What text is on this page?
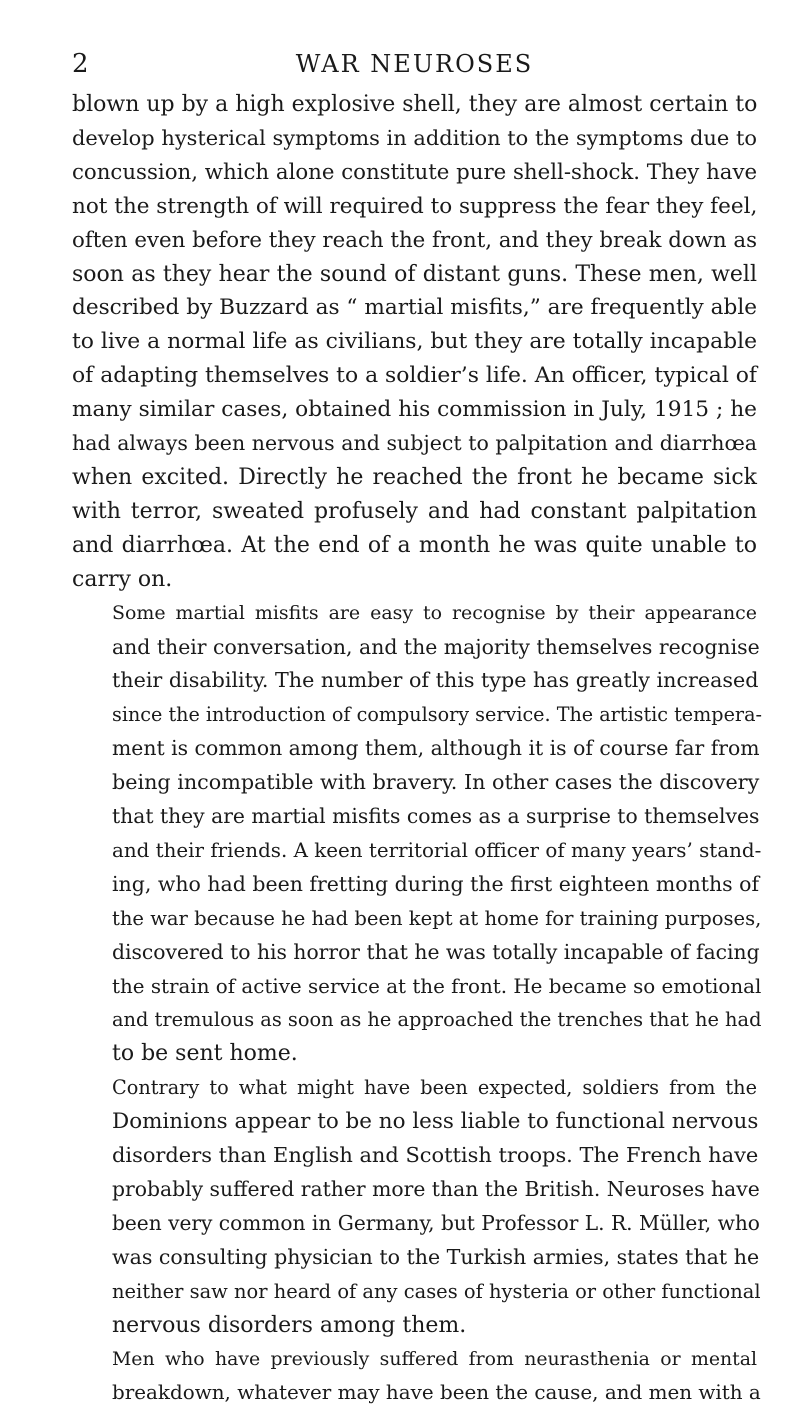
2	WAR NEUROSES

blown up by a high explosive shell, they are almost certain to
develop hysterical symptoms in addition to the symptoms due to
concussion, which alone constitute pure shell-shock. They have
not the strength of will required to suppress the fear they feel,
often even before they reach the front, and they break down as
soon as they hear the sound of distant guns. These men, well
described by Buzzard as “ martial misfits,” are frequently able
to live a normal life as civilians, but they are totally incapable
of adapting themselves to a soldier’s life. An officer, typical of
many similar cases, obtained his commission in July, 1915 ; he
had always been nervous and subject to palpitation and diarrhœa
when excited. Directly he reached the front he became sick
with terror, sweated profusely and had constant palpitation
and diarrhœa. At the end of a month he was quite unable to
carry on.

Some martial misfits are easy to recognise by their appearance
and their conversation, and the majority themselves recognise
their disability. The number of this type has greatly increased
since the introduction of compulsory service. The artistic tempera-
ment is common among them, although it is of course far from
being incompatible with bravery. In other cases the discovery
that they are martial misfits comes as a surprise to themselves
and their friends. A keen territorial officer of many years’ stand-
ing, who had been fretting during the first eighteen months of
the war because he had been kept at home for training purposes,
discovered to his horror that he was totally incapable of facing
the strain of active service at the front. He became so emotional
and tremulous as soon as he approached the trenches that he had
to be sent home.

Contrary to what might have been expected, soldiers from the
Dominions appear to be no less liable to functional nervous
disorders than English and Scottish troops. The French have
probably suffered rather more than the British. Neuroses have
been very common in Germany, but Professor L. R. Müller, who
was consulting physician to the Turkish armies, states that he
neither saw nor heard of any cases of hysteria or other functional
nervous disorders among them.

Men who have previously suffered from neurasthenia or mental
breakdown, whatever may have been the cause, and men with a
